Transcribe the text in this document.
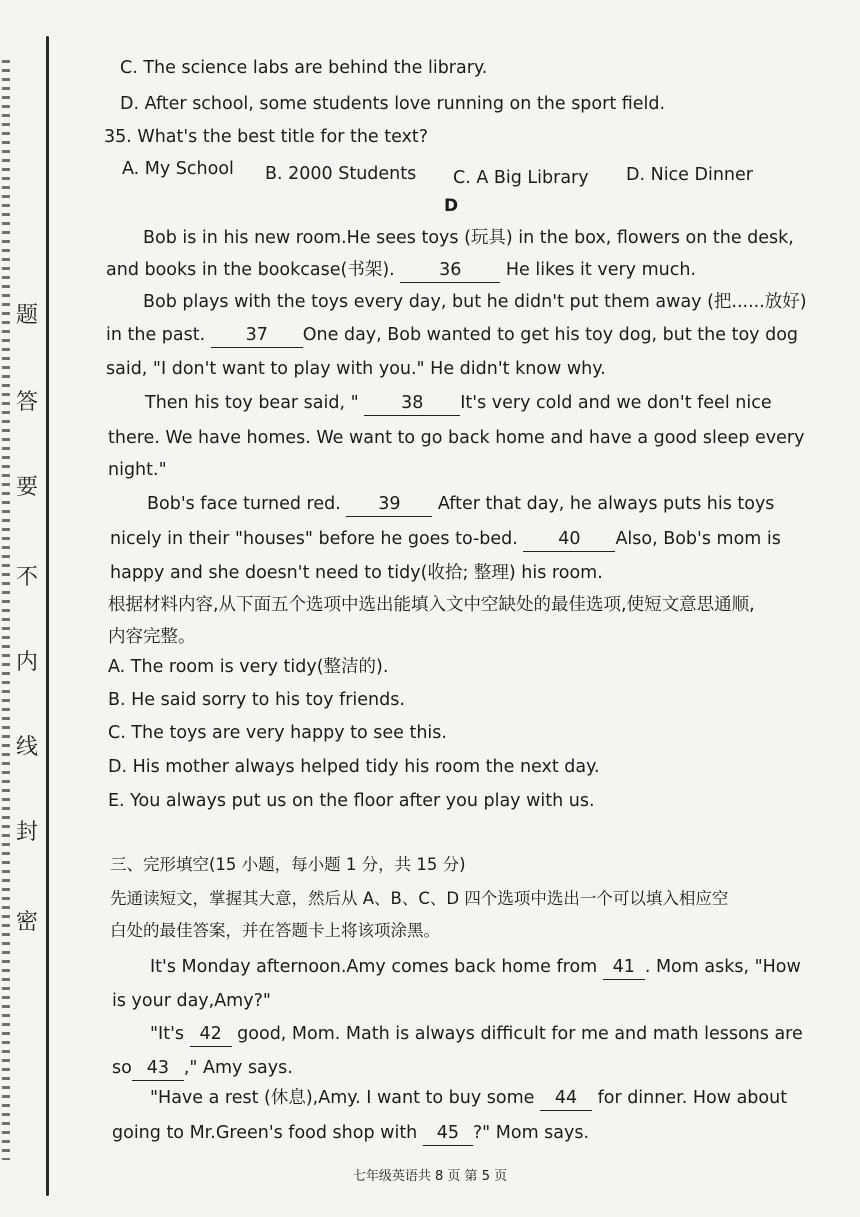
密
封
线
内
不
要
答
题
C. The science labs are behind the library.
D. After school, some students love running on the sport field.
35. What's the best title for the text?
A. My School B. 2000 Students C. A Big Library D. Nice Dinner
D
Bob is in his new room.He sees toys (玩具) in the box, flowers on the desk,
and books in the bookcase(书架).	36	He likes it very much.
Bob plays with the toys every day, but he didn't put them away (把......放好)
in the past. 37 One day, Bob wanted to get his toy dog, but the toy dog
said, "I don't want to play with you." He didn't know why.
Then his toy bear said, " 38 It's very cold and we don't feel nice
there. We have homes. We want to go back home and have a good sleep every
night."
Bob's face turned red. 39 After that day, he always puts his toys
nicely in their "houses" before he goes to-bed. 40 Also, Bob's mom is
happy and she doesn't need to tidy(收拾; 整理) his room.
根据材料内容,从下面五个选项中选出能填入文中空缺处的最佳选项,使短文意思通顺,
内容完整。
A. The room is very tidy(整洁的).
B. He said sorry to his toy friends.
C. The toys are very happy to see this.
D. His mother always helped tidy his room the next day.
E. You always put us on the floor after you play with us.
三、完形填空(15 小题，每小题 1 分，共 15 分)
先通读短文，掌握其大意，然后从 A、B、C、D 四个选项中选出一个可以填入相应空
白处的最佳答案，并在答题卡上将该项涂黑。
It's Monday afternoon.Amy comes back home from 41 . Mom asks, "How
is your day,Amy?"
"It's 42 good, Mom. Math is always difficult for me and math lessons are
so 43 ," Amy says.
"Have a rest (休息),Amy. I want to buy some 44 for dinner. How about
going to Mr.Green's food shop with 45 ?" Mom says.
七年级英语共 8 页 第 5 页
